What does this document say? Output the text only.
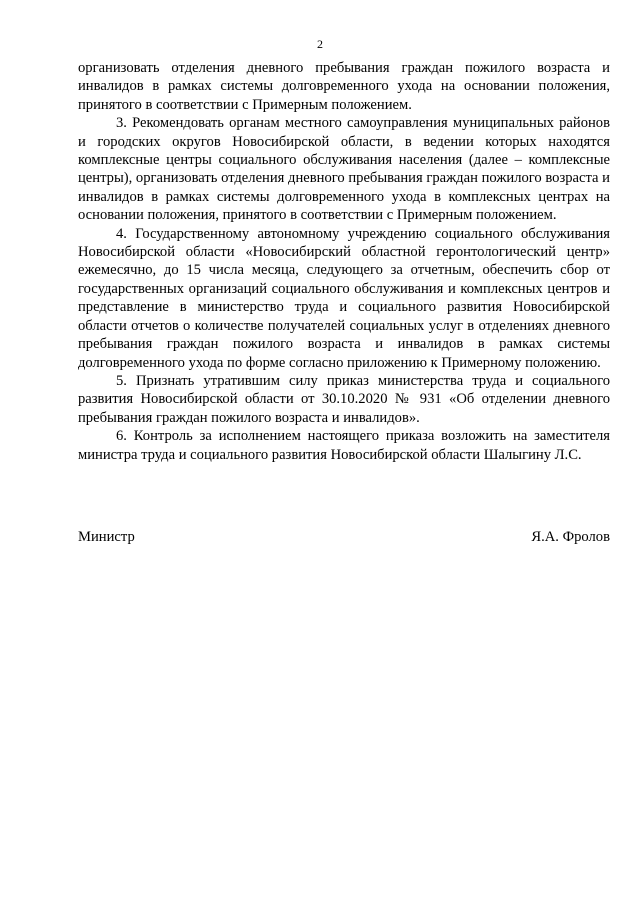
2

организовать отделения дневного пребывания граждан пожилого возраста и инвалидов в рамках системы долговременного ухода на основании положения, принятого в соответствии с Примерным положением.

3. Рекомендовать органам местного самоуправления муниципальных районов и городских округов Новосибирской области, в ведении которых находятся комплексные центры социального обслуживания населения (далее – комплексные центры), организовать отделения дневного пребывания граждан пожилого возраста и инвалидов в рамках системы долговременного ухода в комплексных центрах на основании положения, принятого в соответствии с Примерным положением.

4. Государственному автономному учреждению социального обслуживания Новосибирской области «Новосибирский областной геронтологический центр» ежемесячно, до 15 числа месяца, следующего за отчетным, обеспечить сбор от государственных организаций социального обслуживания и комплексных центров и представление в министерство труда и социального развития Новосибирской области отчетов о количестве получателей социальных услуг в отделениях дневного пребывания граждан пожилого возраста и инвалидов в рамках системы долговременного ухода по форме согласно приложению к Примерному положению.

5. Признать утратившим силу приказ министерства труда и социального развития Новосибирской области от 30.10.2020 № 931 «Об отделении дневного пребывания граждан пожилого возраста и инвалидов».

6. Контроль за исполнением настоящего приказа возложить на заместителя министра труда и социального развития Новосибирской области Шалыгину Л.С.

Министр	Я.А. Фролов
